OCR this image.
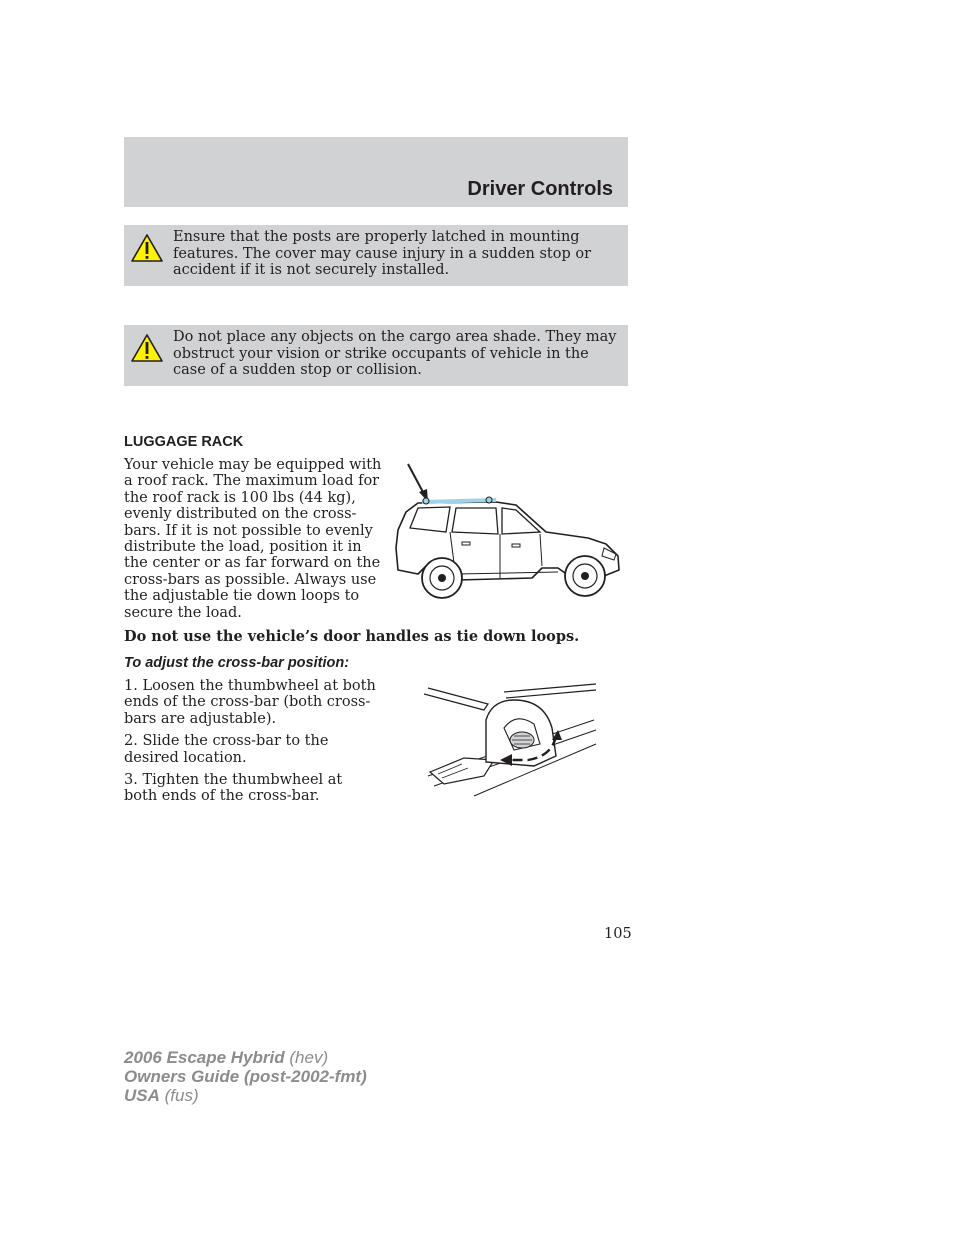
Driver Controls
Ensure that the posts are properly latched in mounting features. The cover may cause injury in a sudden stop or accident if it is not securely installed.
Do not place any objects on the cargo area shade. They may obstruct your vision or strike occupants of vehicle in the case of a sudden stop or collision.
LUGGAGE RACK
Your vehicle may be equipped with a roof rack. The maximum load for the roof rack is 100 lbs (44 kg), evenly distributed on the cross-bars. If it is not possible to evenly distribute the load, position it in the center or as far forward on the cross-bars as possible. Always use the adjustable tie down loops to secure the load.
Do not use the vehicle’s door handles as tie down loops.
To adjust the cross-bar position:

1. Loosen the thumbwheel at both ends of the cross-bar (both cross-bars are adjustable).

2. Slide the cross-bar to the desired location.

3. Tighten the thumbwheel at both ends of the cross-bar.

105
2006 Escape Hybrid (hev)
Owners Guide (post-2002-fmt)
USA (fus)
